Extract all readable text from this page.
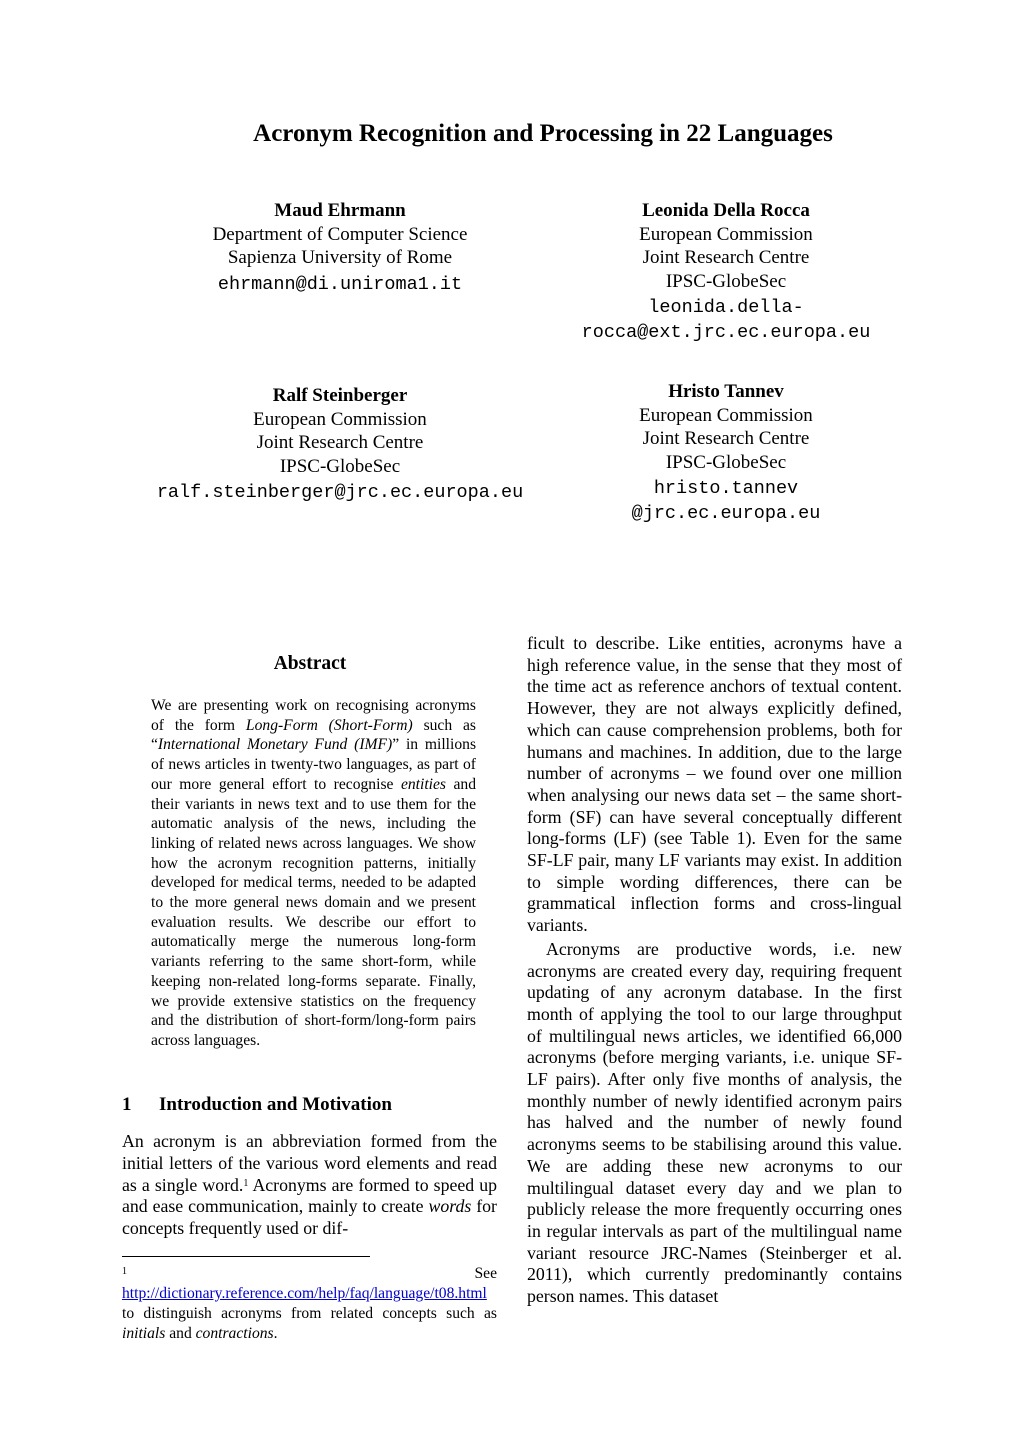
Acronym Recognition and Processing in 22 Languages
Maud Ehrmann
Department of Computer Science
Sapienza University of Rome
ehrmann@di.uniroma1.it
Leonida Della Rocca
European Commission
Joint Research Centre
IPSC-GlobeSec
leonida.della-
rocca@ext.jrc.ec.europa.eu
Ralf Steinberger
European Commission
Joint Research Centre
IPSC-GlobeSec
ralf.steinberger@jrc.ec.europa.eu
Hristo Tannev
European Commission
Joint Research Centre
IPSC-GlobeSec
hristo.tannev
@jrc.ec.europa.eu
Abstract
We are presenting work on recognising acronyms of the form Long-Form (Short-Form) such as “International Monetary Fund (IMF)” in millions of news articles in twenty-two languages, as part of our more general effort to recognise entities and their variants in news text and to use them for the automatic analysis of the news, including the linking of related news across languages. We show how the acronym recognition patterns, initially developed for medical terms, needed to be adapted to the more general news domain and we present evaluation results. We describe our effort to automatically merge the numerous long-form variants referring to the same short-form, while keeping non-related long-forms separate. Finally, we provide extensive statistics on the frequency and the distribution of short-form/long-form pairs across languages.
1 Introduction and Motivation
An acronym is an abbreviation formed from the initial letters of the various word elements and read as a single word.$^1$ Acronyms are formed to speed up and ease communication, mainly to create words for concepts frequently used or dif-
$^1$ See http://dictionary.reference.com/help/faq/language/t08.html to distinguish acronyms from related concepts such as initials and contractions.

ficult to describe. Like entities, acronyms have a high reference value, in the sense that they most of the time act as reference anchors of textual content. However, they are not always explicitly defined, which can cause comprehension problems, both for humans and machines. In addition, due to the large number of acronyms – we found over one million when analysing our news data set – the same short-form (SF) can have several conceptually different long-forms (LF) (see Table 1). Even for the same SF-LF pair, many LF variants may exist. In addition to simple wording differences, there can be grammatical inflection forms and cross-lingual variants.

Acronyms are productive words, i.e. new acronyms are created every day, requiring frequent updating of any acronym database. In the first month of applying the tool to our large throughput of multilingual news articles, we identified 66,000 acronyms (before merging variants, i.e. unique SF-LF pairs). After only five months of analysis, the monthly number of newly identified acronym pairs has halved and the number of newly found acronyms seems to be stabilising around this value. We are adding these new acronyms to our multilingual dataset every day and we plan to publicly release the more frequently occurring ones in regular intervals as part of the multilingual name variant resource JRC-Names (Steinberger et al. 2011), which currently predominantly contains person names. This dataset
